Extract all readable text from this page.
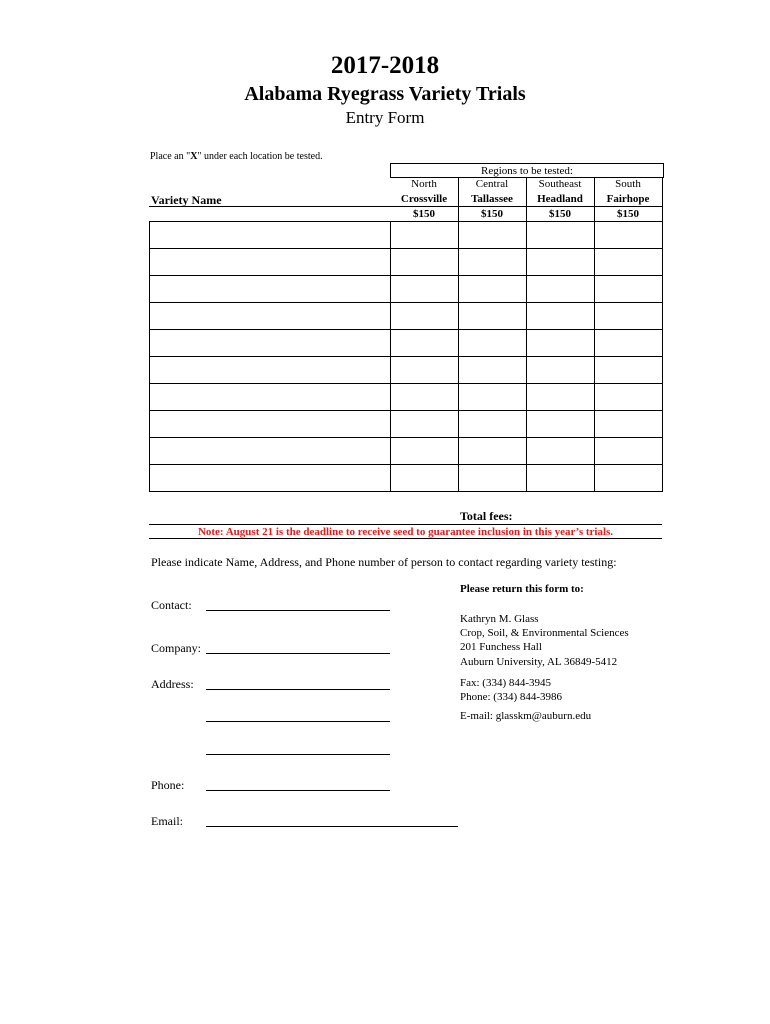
2017-2018
Alabama Ryegrass Variety Trials
Entry Form
Place an "X" under each location be tested.
Regions to be tested:
North	Central	Southeast	South
Crossville	Tallassee	Headland	Fairhope
$150	$150	$150	$150
Variety Name

Total fees:
Note: August 21 is the deadline to receive seed to guarantee inclusion in this year’s trials.
Please indicate Name, Address, and Phone number of person to contact regarding variety testing:
Please return this form to:
Kathryn M. Glass
Crop, Soil, & Environmental Sciences
201 Funchess Hall
Auburn University, AL 36849-5412
Fax: (334) 844-3945
Phone: (334) 844-3986
E-mail: glasskm@auburn.edu
Contact:
Company:
Address:
Phone:
Email:
